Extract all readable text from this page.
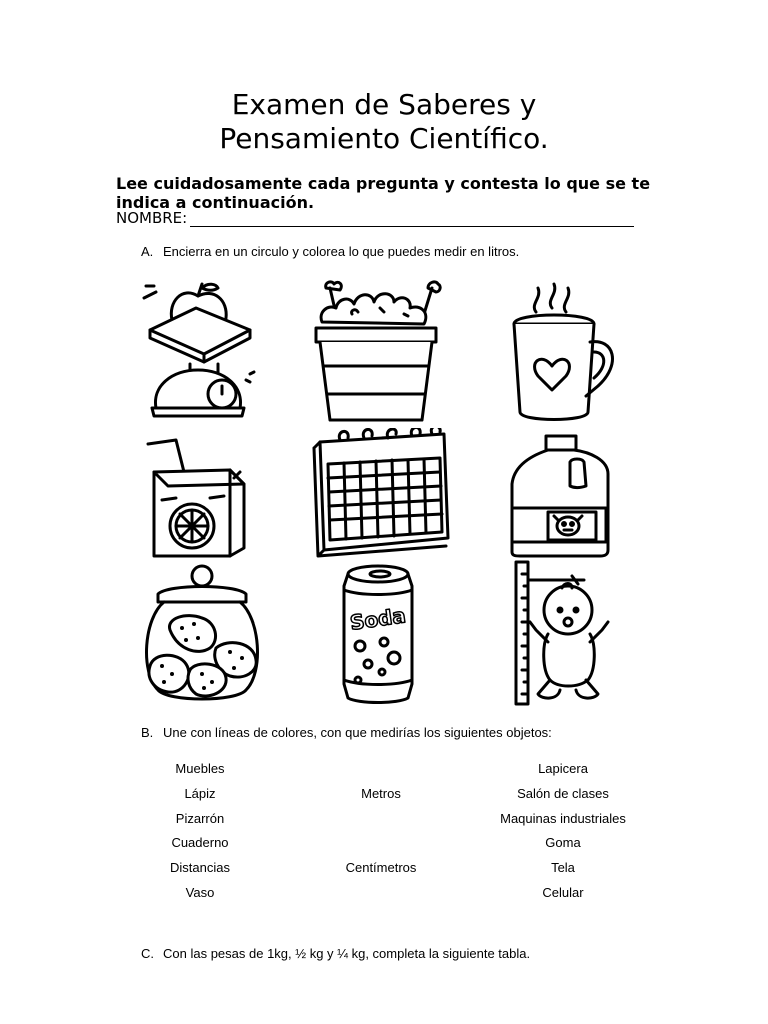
Examen de Saberes y
Pensamiento Científico.
Lee cuidadosamente cada pregunta y contesta lo que se te indica a continuación.
NOMBRE:
A. Encierra en un circulo y colorea lo que puedes medir en litros.
Soda
B. Une con líneas de colores, con que medirías los siguientes objetos:
Muebles
Lápiz
Pizarrón
Cuaderno
Distancias
Vaso
Metros
Centímetros
Lapicera
Salón de clases
Maquinas industriales
Goma
Tela
Celular
C. Con las pesas de 1kg, ½ kg y ¼ kg, completa la siguiente tabla.
